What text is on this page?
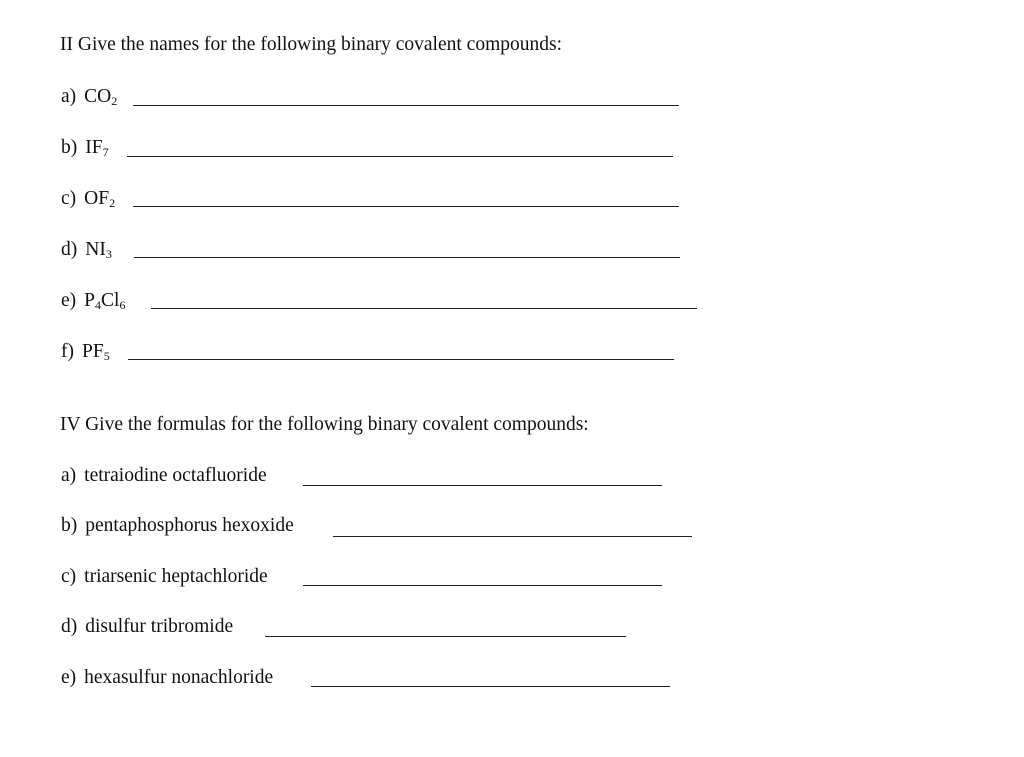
II Give the names for the following binary covalent compounds:
a) $CO_2$
b) $IF_7$
c) $OF_2$
d) $NI_3$
e) $P_4Cl_6$
f) $PF_5$
IV Give the formulas for the following binary covalent compounds:
a) tetraiodine octafluoride
b) pentaphosphorus hexoxide
c) triarsenic heptachloride
d) disulfur tribromide
e) hexasulfur nonachloride
